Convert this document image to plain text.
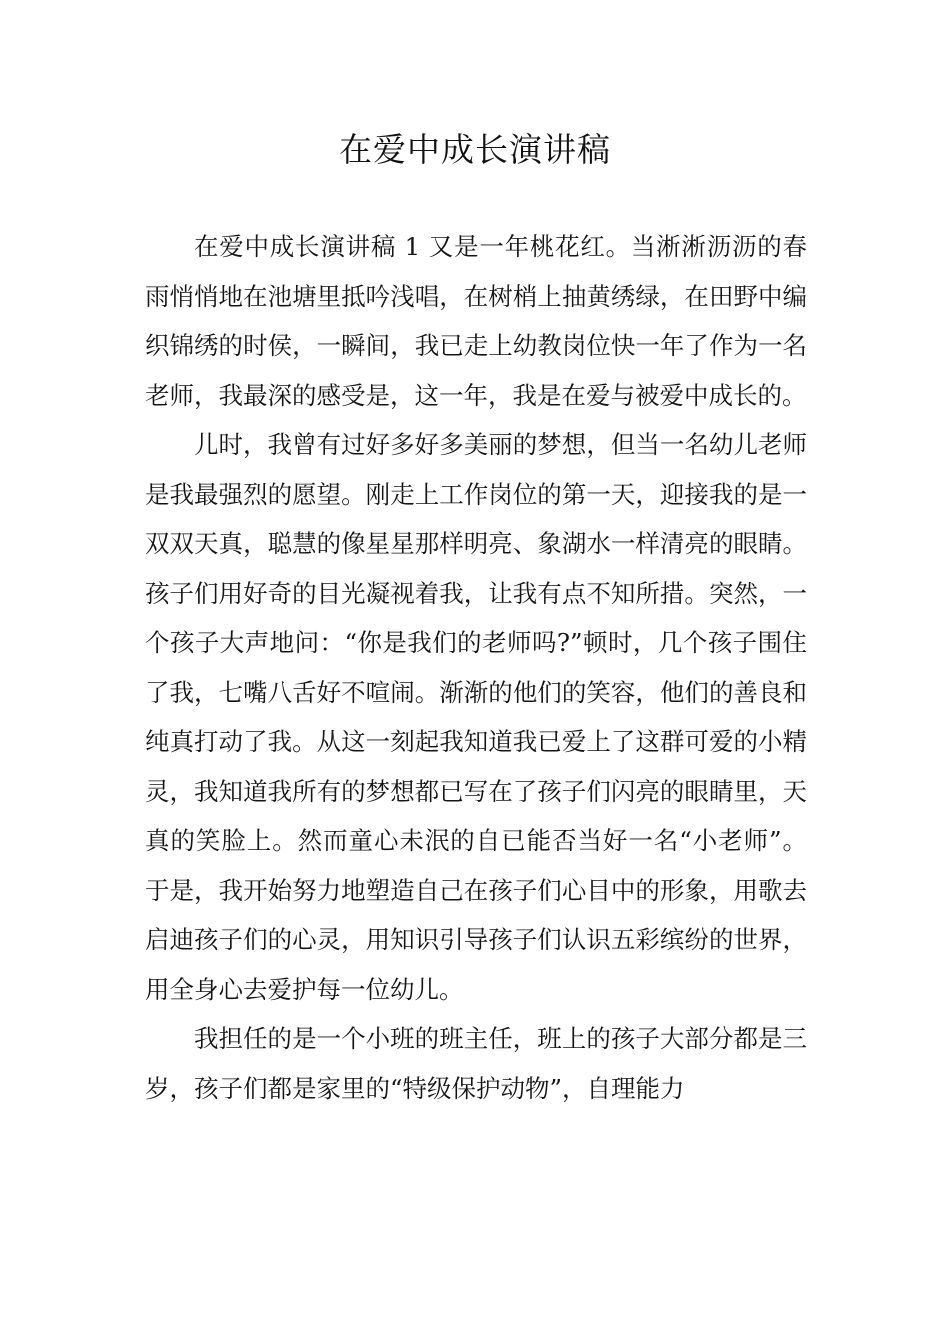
在爱中成长演讲稿

在爱中成长演讲稿 1 又是一年桃花红。当淅淅沥沥的春雨悄悄地在池塘里抵吟浅唱，在树梢上抽黄绣绿，在田野中编织锦绣的时侯，一瞬间，我已走上幼教岗位快一年了作为一名老师，我最深的感受是，这一年，我是在爱与被爱中成长的。

儿时，我曾有过好多好多美丽的梦想，但当一名幼儿老师是我最强烈的愿望。刚走上工作岗位的第一天，迎接我的是一双双天真，聪慧的像星星那样明亮、象湖水一样清亮的眼睛。孩子们用好奇的目光凝视着我，让我有点不知所措。突然，一个孩子大声地问：“你是我们的老师吗?”顿时，几个孩子围住了我，七嘴八舌好不喧闹。渐渐的他们的笑容，他们的善良和纯真打动了我。从这一刻起我知道我已爱上了这群可爱的小精灵，我知道我所有的梦想都已写在了孩子们闪亮的眼睛里，天真的笑脸上。然而童心未泯的自已能否当好一名“小老师”。于是，我开始努力地塑造自己在孩子们心目中的形象，用歌去启迪孩子们的心灵，用知识引导孩子们认识五彩缤纷的世界，用全身心去爱护每一位幼儿。

我担任的是一个小班的班主任，班上的孩子大部分都是三岁，孩子们都是家里的“特级保护动物”，自理能力
